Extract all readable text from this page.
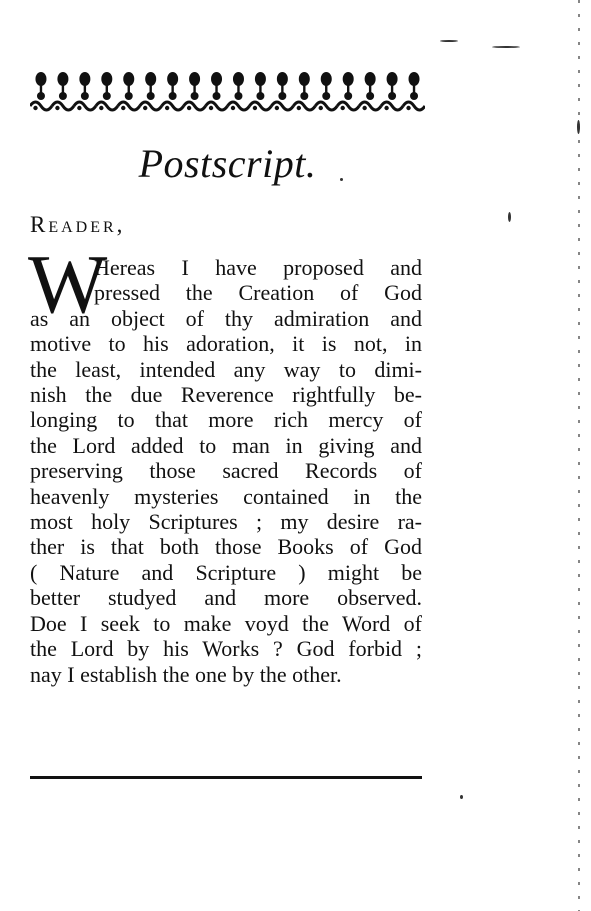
Postscript.
Reader,
W
Hereas I have proposed and
pressed the Creation of God
as an object of thy admiration and
motive to his adoration, it is not, in
the least, intended any way to dimi-
nish the due Reverence rightfully be-
longing to that more rich mercy of
the Lord added to man in giving and
preserving those sacred Records of
heavenly mysteries contained in the
most holy Scriptures ; my desire ra-
ther is that both those Books of God
( Nature and Scripture ) might be
better studyed and more observed.
Doe I seek to make voyd the Word of
the Lord by his Works ? God forbid ;
nay I establish the one by the other.
